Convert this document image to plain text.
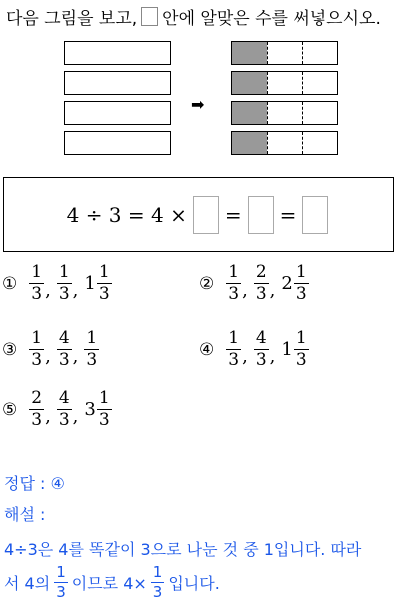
다음 그림을 보고, 안에 알맞은 수를 써넣으시오.
➡
4 ÷ 3 = 4 × = =
① $\frac{1}{3}$ , $\frac{1}{3}$ , $1 \frac{1}{3}$	② $\frac{1}{3}$ , $\frac{2}{3}$ , $2 \frac{1}{3}$
③ $\frac{1}{3}$ , $\frac{4}{3}$ , $\frac{1}{3}$	④ $\frac{1}{3}$ , $\frac{4}{3}$ , $1 \frac{1}{3}$
⑤ $\frac{2}{3}$ , $\frac{4}{3}$ , $3 \frac{1}{3}$
정답 : ④
해설 :
4÷3은 4를 똑같이 3으로 나눈 것 중 1입니다. 따라
서 4의 $\frac{1}{3}$ 이므로 $4\times \frac{1}{3}$ 입니다.
